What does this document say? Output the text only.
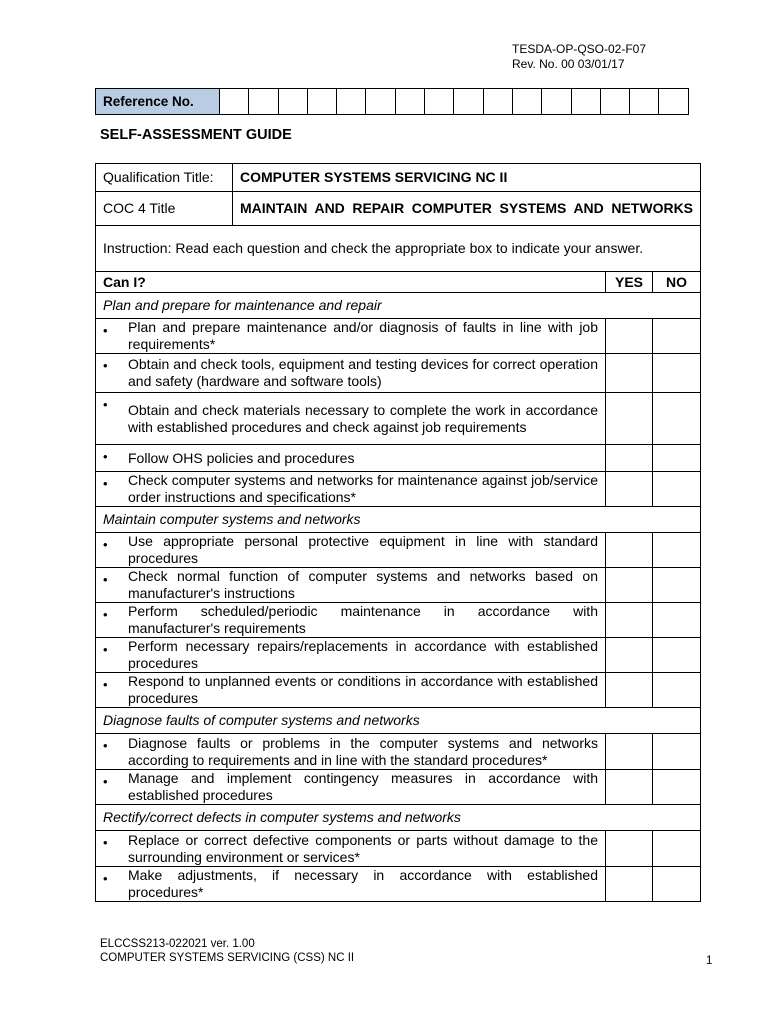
TESDA-OP-QSO-02-F07
Rev. No. 00 03/01/17
Reference No.																
SELF-ASSESSMENT GUIDE
Qualification Title:	COMPUTER SYSTEMS SERVICING NC II		
COC 4 Title	MAINTAIN AND REPAIR COMPUTER SYSTEMS AND NETWORKS		
Instruction: Read each question and check the appropriate box to indicate your answer.			
Can I?		YES	NO
Plan and prepare for maintenance and repair			

• Plan and prepare maintenance and/or diagnosis of faults in line with job requirements*			

• Obtain and check tools, equipment and testing devices for correct operation and safety (hardware and software tools)			

• Obtain and check materials necessary to complete the work in accordance with established procedures and check against job requirements			

• Follow OHS policies and procedures			

• Check computer systems and networks for maintenance against job/service order instructions and specifications*			
Maintain computer systems and networks			

• Use appropriate personal protective equipment in line with standard procedures			

• Check normal function of computer systems and networks based on manufacturer's instructions			

• Perform scheduled/periodic maintenance in accordance with manufacturer's requirements			

• Perform necessary repairs/replacements in accordance with established procedures			

• Respond to unplanned events or conditions in accordance with established procedures			
Diagnose faults of computer systems and networks			

• Diagnose faults or problems in the computer systems and networks according to requirements and in line with the standard procedures*			

• Manage and implement contingency measures in accordance with established procedures			
Rectify/correct defects in computer systems and networks			

• Replace or correct defective components or parts without damage to the surrounding environment or services*			

• Make adjustments, if necessary in accordance with established procedures*			
ELCCSS213-022021 ver. 1.00
COMPUTER SYSTEMS SERVICING (CSS) NC II	1
